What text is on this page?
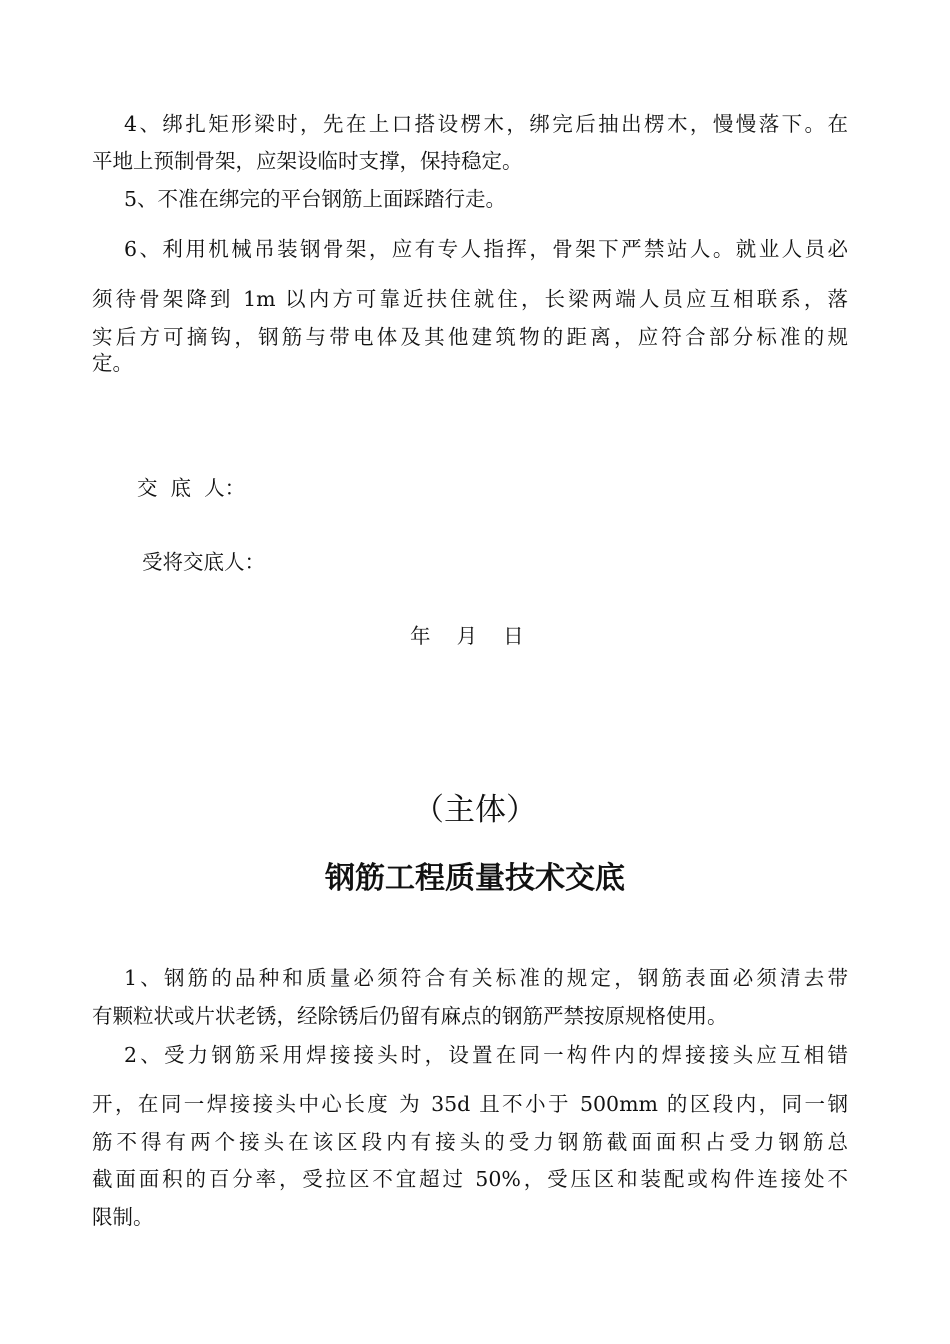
4、绑扎矩形梁时，先在上口搭设楞木，绑完后抽出楞木，慢慢落下。在
平地上预制骨架，应架设临时支撑，保持稳定。
5、不准在绑完的平台钢筋上面踩踏行走。
6、利用机械吊装钢骨架，应有专人指挥，骨架下严禁站人。就业人员必
须待骨架降到 1m 以内方可靠近扶住就住，长梁两端人员应互相联系，落
实后方可摘钩，钢筋与带电体及其他建筑物的距离，应符合部分标准的规
定。
交  底  人：
受将交底人：
年    月    日
（主体）
钢筋工程质量技术交底
1、钢筋的品种和质量必须符合有关标准的规定，钢筋表面必须清去带
有颗粒状或片状老锈，经除锈后仍留有麻点的钢筋严禁按原规格使用。
2、受力钢筋采用焊接接头时，设置在同一构件内的焊接接头应互相错
开，在同一焊接接头中心长度 为 35d 且不小于 500mm 的区段内，同一钢
筋不得有两个接头在该区段内有接头的受力钢筋截面面积占受力钢筋总
截面面积的百分率，受拉区不宜超过 50%，受压区和装配或构件连接处不
限制。
